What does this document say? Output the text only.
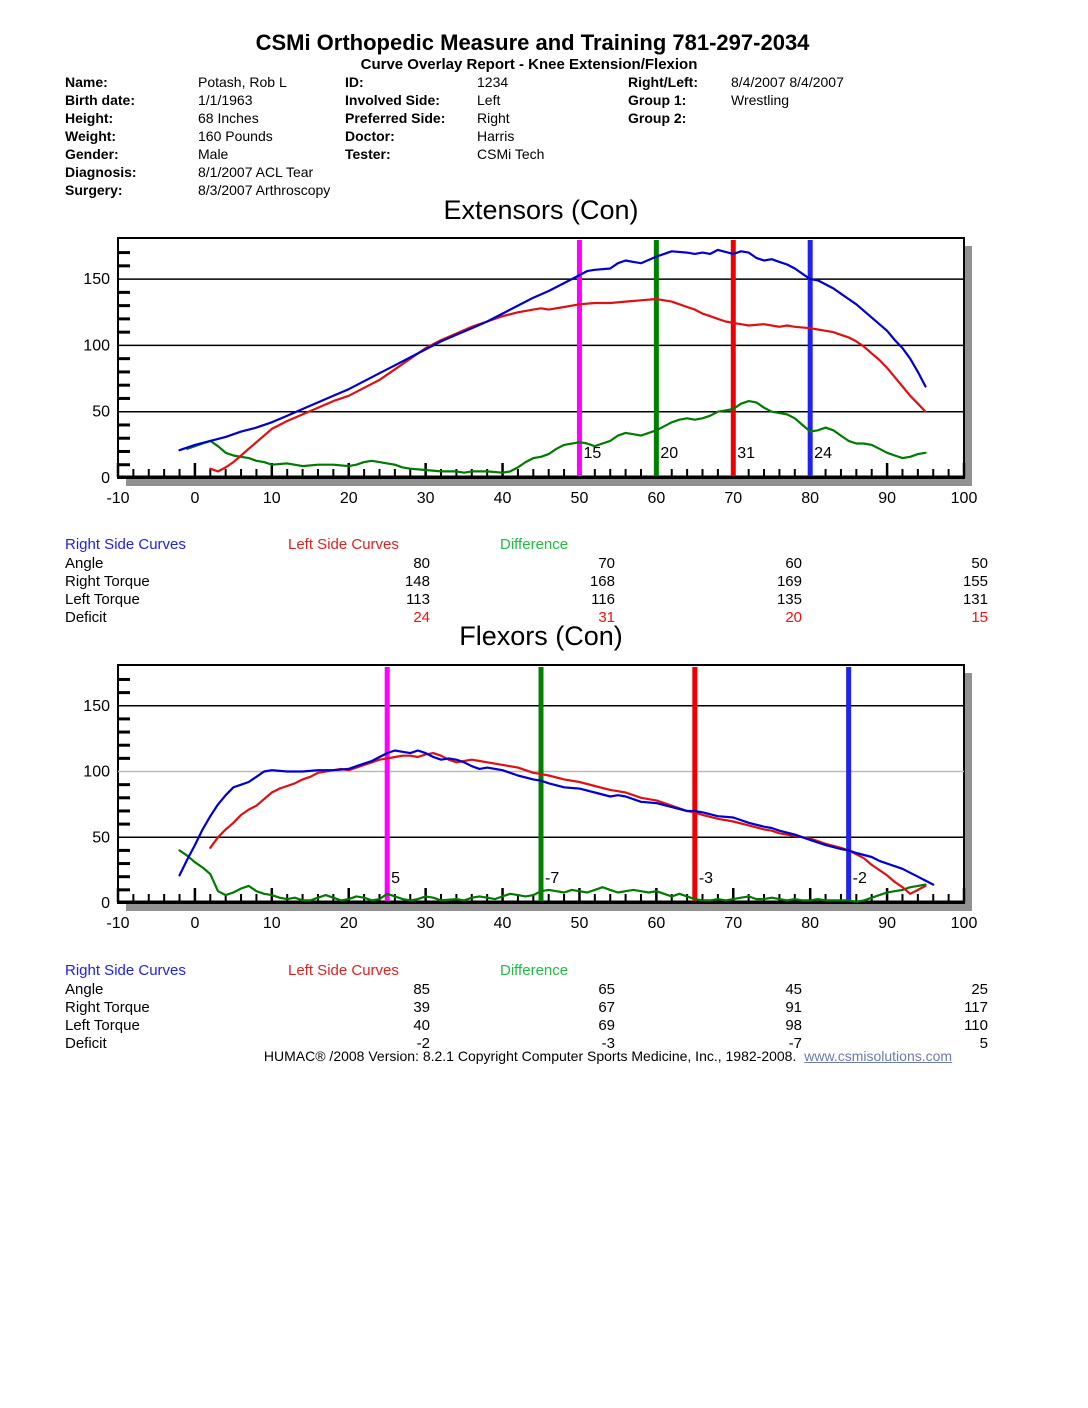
CSMi Orthopedic Measure and Training 781-297-2034
Curve Overlay Report - Knee Extension/Flexion
Name:	Potash, Rob L
Birth date:	1/1/1963
Height:	68 Inches
Weight:	160 Pounds
Gender:	Male
Diagnosis:	8/1/2007 ACL Tear
Surgery:	8/3/2007 Arthroscopy
ID:	1234
Involved Side:	Left
Preferred Side: Right
Doctor:	Harris
Tester:	CSMi Tech
Right/Left: 8/4/2007 8/4/2007
Group 1:	Wrestling
Group 2:
Extensors (Con)
15	20	31	24
0
50
100
150
-10	0	10	20	30	40	50	60	70	80	90	100
Right Side Curves	Left Side Curves	Difference
Angle	80	70	60	50
Right Torque	148	168	169	155
Left Torque	113	116	135	131
Deficit	24	31	20	15
Flexors (Con)
5	-7	-3	-2
0
50
100
150
-10	0	10	20	30	40	50	60	70	80	90	100
Right Side Curves	Left Side Curves	Difference
Angle	85	65	45	25
Right Torque	39	67	91	117
Left Torque	40	69	98	110
Deficit	-2	-3	-7	5
HUMAC® /2008 Version: 8.2.1 Copyright Computer Sports Medicine, Inc., 1982-2008. www.csmisolutions.com
